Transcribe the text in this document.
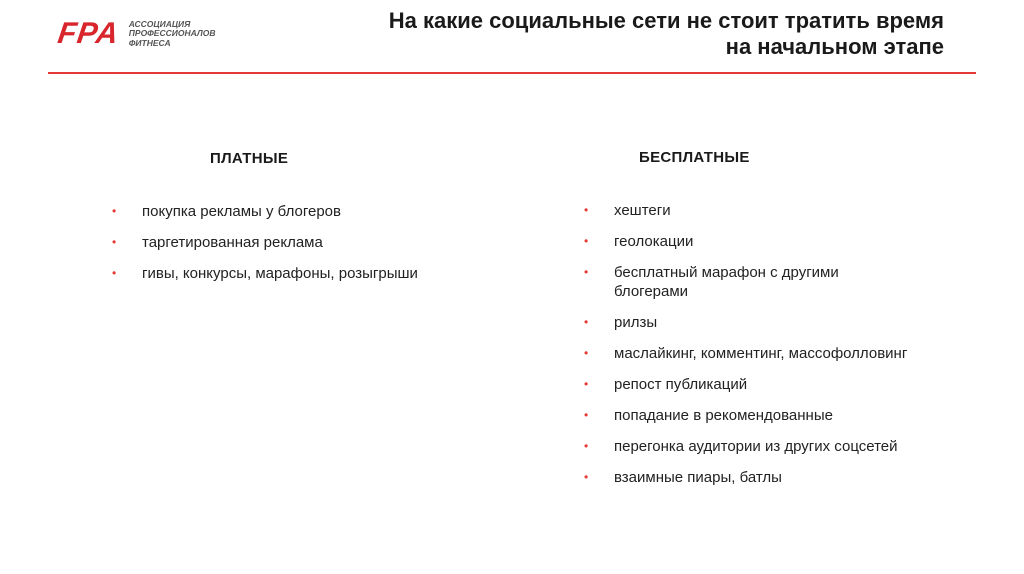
FPA АССОЦИАЦИЯ
ПРОФЕССИОНАЛОВ
ФИТНЕСА
На какие социальные сети не стоит тратить время
на начальном этапе
ПЛАТНЫЕ	БЕСПЛАТНЫЕ
• покупка рекламы у блогеров
• таргетированная реклама
• гивы, конкурсы, марафоны, розыгрыши
• хештеги
• геолокации
• бесплатный марафон с другими блогерами
• рилзы
• маслайкинг, комментинг, массофолловинг
• репост публикаций
• попадание в рекомендованные
• перегонка аудитории из других соцсетей
• взаимные пиары, батлы
